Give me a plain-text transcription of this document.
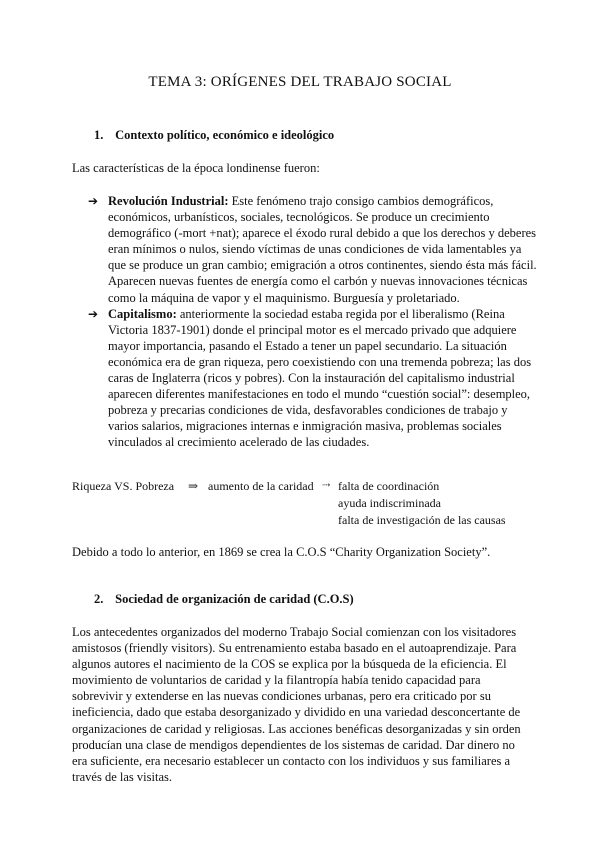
TEMA 3: ORÍGENES DEL TRABAJO SOCIAL
1. Contexto político, económico e ideológico

Las características de la época londinense fueron:

➔ Revolución Industrial: Este fenómeno trajo consigo cambios demográficos, económicos, urbanísticos, sociales, tecnológicos. Se produce un crecimiento demográfico (-mort +nat); aparece el éxodo rural debido a que los derechos y deberes eran mínimos o nulos, siendo víctimas de unas condiciones de vida lamentables ya que se produce un gran cambio; emigración a otros continentes, siendo ésta más fácil. Aparecen nuevas fuentes de energía como el carbón y nuevas innovaciones técnicas como la máquina de vapor y el maquinismo. Burguesía y proletariado.
➔ Capitalismo: anteriormente la sociedad estaba regida por el liberalismo (Reina Victoria 1837-1901) donde el principal motor es el mercado privado que adquiere mayor importancia, pasando el Estado a tener un papel secundario. La situación económica era de gran riqueza, pero coexistiendo con una tremenda pobreza; las dos caras de Inglaterra (ricos y pobres). Con la instauración del capitalismo industrial aparecen diferentes manifestaciones en todo el mundo “cuestión social”: desempleo, pobreza y precarias condiciones de vida, desfavorables condiciones de trabajo y varios salarios, migraciones internas e inmigración masiva, problemas sociales vinculados al crecimiento acelerado de las ciudades.
Riqueza VS. Pobreza ⇒ aumento de la caridad ⇢ falta de coordinación
ayuda indiscriminada
falta de investigación de las causas

Debido a todo lo anterior, en 1869 se crea la C.O.S “Charity Organization Society”.

2. Sociedad de organización de caridad (C.O.S)

Los antecedentes organizados del moderno Trabajo Social comienzan con los visitadores amistosos (friendly visitors). Su entrenamiento estaba basado en el autoaprendizaje. Para algunos autores el nacimiento de la COS se explica por la búsqueda de la eficiencia. El movimiento de voluntarios de caridad y la filantropía había tenido capacidad para sobrevivir y extenderse en las nuevas condiciones urbanas, pero era criticado por su ineficiencia, dado que estaba desorganizado y dividido en una variedad desconcertante de organizaciones de caridad y religiosas. Las acciones benéficas desorganizadas y sin orden producían una clase de mendigos dependientes de los sistemas de caridad. Dar dinero no era suficiente, era necesario establecer un contacto con los individuos y sus familiares a través de las visitas.
